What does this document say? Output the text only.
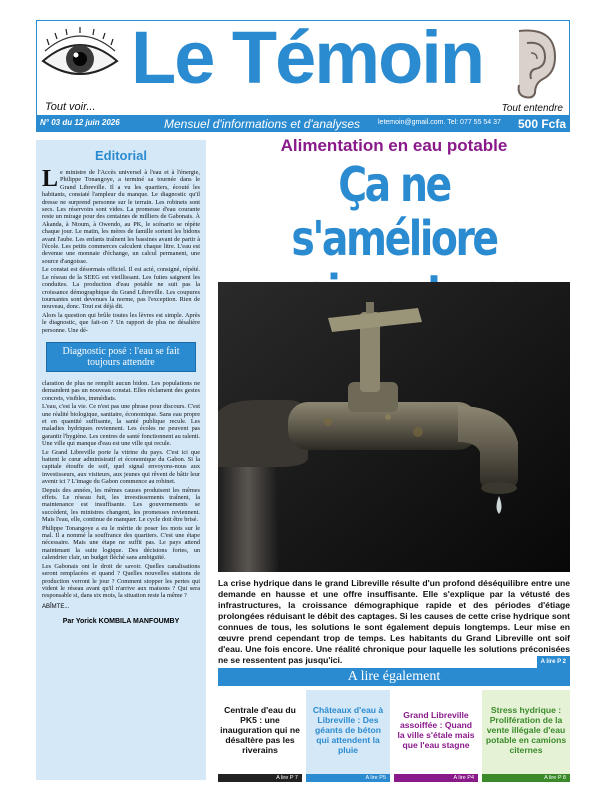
Le Témoin
Tout voir...	Tout entendre
N° 03 du 12 juin 2026	Mensuel d'informations et d'analyses	letemoin@gmail.com. Tel: 077 55 54 37 500 Fcfa
Editorial

Le ministre de l'Accès universel à l'eau et à l'énergie, Philippe Tonangoye, a terminé sa tournée dans le Grand Libreville. Il a vu les quartiers, écouté les habitants, constaté l'ampleur du manque. Le diagnostic qu'il dresse ne surprend personne sur le terrain. Les robinets sont secs. Les réservoirs sont vides. La promesse d'eau courante reste un mirage pour des centaines de milliers de Gabonais. À Akanda, à Ntoum, à Owendo, au PK, le scénario se répète chaque jour. Le matin, les mères de famille sortent les bidons avant l'aube. Les enfants traînent les bassines avant de partir à l'école. Les petits commerces calculent chaque litre. L'eau est devenue une monnaie d'échange, un calcul permanent, une source d'angoisse.

Le constat est désormais officiel. Il est acté, consigné, répété. Le réseau de la SEEG est vieillissant. Les fuites saignent les conduites. La production d'eau potable ne suit pas la croissance démographique du Grand Libreville. Les coupures tournantes sont devenues la norme, pas l'exception. Rien de nouveau, donc. Tout est déjà dit.

Alors la question qui brûle toutes les lèvres est simple. Après le diagnostic, que fait-on ? Un rapport de plus ne désaltère personne. Une dé-

Diagnostic posé : l'eau se fait toujours attendre

claration de plus ne remplit aucun bidon. Les populations ne demandent pas un nouveau constat. Elles réclament des gestes concrets, visibles, immédiats.

L'eau, c'est la vie. Ce n'est pas une phrase pour discours. C'est une réalité biologique, sanitaire, économique. Sans eau propre et en quantité suffisante, la santé publique recule. Les maladies hydriques reviennent. Les écoles ne peuvent pas garantir l'hygiène. Les centres de santé fonctionnent au ralenti. Une ville qui manque d'eau est une ville qui recule.

Le Grand Libreville porte la vitrine du pays. C'est ici que battent le cœur administratif et économique du Gabon. Si la capitale étouffe de soif, quel signal envoyons-nous aux investisseurs, aux visiteurs, aux jeunes qui rêvent de bâtir leur avenir ici ? L'image du Gabon commence au robinet.

Depuis des années, les mêmes causes produisent les mêmes effets. Le réseau fuit, les investissements traînent, la maintenance est insuffisante. Les gouvernements se succèdent, les ministres changent, les promesses reviennent. Mais l'eau, elle, continue de manquer. Le cycle doit être brisé.

Philippe Tonangoye a eu le mérite de poser les mots sur le mal. Il a nommé la souffrance des quartiers. C'est une étape nécessaire. Mais une étape ne suffit pas. Le pays attend maintenant la suite logique. Des décisions fortes, un calendrier clair, un budget fléché sans ambiguïté.

Les Gabonais ont le droit de savoir. Quelles canalisations seront remplacées et quand ? Quelles nouvelles stations de production verront le jour ? Comment stopper les pertes qui vident le réseau avant qu'il n'arrive aux maisons ? Qui sera responsable si, dans six mois, la situation reste la même ?

ABÎMTE...
Par Yorick KOMBILA MANFOUMBY
Alimentation en eau potable
Ça ne s'améliore
La crise hydrique dans le grand Libreville résulte d'un profond déséquilibre entre une demande en hausse et une offre insuffisante. Elle s'explique par la vétusté des infrastructures, la croissance démographique rapide et des périodes d'étiage prolongées réduisant le débit des captages. Si les causes de cette crise hydrique sont connues de tous, les solutions le sont également depuis longtemps. Leur mise en œuvre prend cependant trop de temps. Les habitants du Grand Libreville ont soif d'eau. Une fois encore. Une réalité chronique pour laquelle les solutions préconisées ne se ressentent pas jusqu'ici.	A lire P 2
A lire également
Centrale d'eau du PK5 : une inauguration qui ne désaltère pas les riverains
A lire P 7
Châteaux d'eau à Libreville : Des géants de béton qui attendent la pluie
A lire P5
Grand Libreville assoiffée : Quand la ville s'étale mais que l'eau stagne
A lire P4
Stress hydrique : Prolifération de la vente illégale d'eau potable en camions citernes
A lire P 8
